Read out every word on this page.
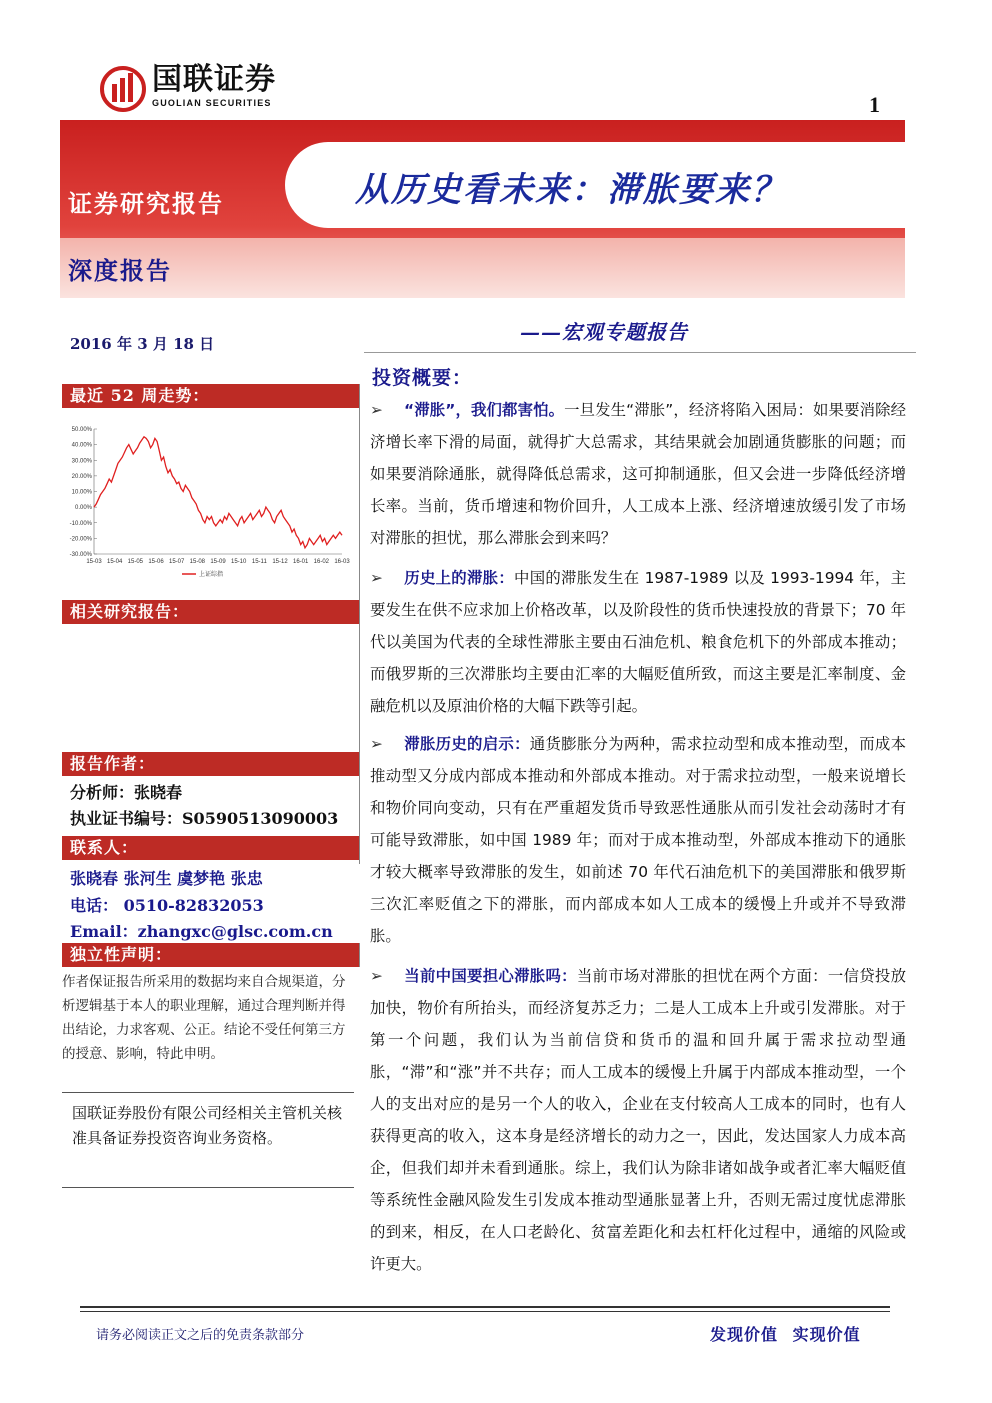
国联证券
GUOLIAN SECURITIES	1
从历史看未来：滞胀要来？
证券研究报告
深度报告
2016 年 3 月 18 日
最近 52 周走势：
50.00%
40.00%
30.00%
20.00%
10.00%
0.00%
-10.00%
-20.00%
-30.00%
15-03 15-04 15-05 15-06 15-07 15-08 15-09 15-10 15-11 15-12 16-01 16-02 16-03
上证综指
相关研究报告：
报告作者：
分析师：张晓春
执业证书编号：S0590513090003
联系人：
张晓春 张河生 虞梦艳 张忠
电话： 0510-82832053
Email：zhangxc@glsc.com.cn
独立性声明：
作者保证报告所采用的数据均来自合规渠道，分析逻辑基于本人的职业理解，通过合理判断并得出结论，力求客观、公正。结论不受任何第三方的授意、影响，特此申明。
国联证券股份有限公司经相关主管机关核准具备证券投资咨询业务资格。
——宏观专题报告
投资概要：
➢ “滞胀”，我们都害怕。一旦发生“滞胀”，经济将陷入困局：如果要消除经济增长率下滑的局面，就得扩大总需求，其结果就会加剧通货膨胀的问题；而如果要消除通胀，就得降低总需求，这可抑制通胀，但又会进一步降低经济增长率。当前，货币增速和物价回升，人工成本上涨、经济增速放缓引发了市场对滞胀的担忧，那么滞胀会到来吗？
➢ 历史上的滞胀：中国的滞胀发生在 1987-1989 以及 1993-1994 年，主要发生在供不应求加上价格改革，以及阶段性的货币快速投放的背景下；70 年代以美国为代表的全球性滞胀主要由石油危机、粮食危机下的外部成本推动；而俄罗斯的三次滞胀均主要由汇率的大幅贬值所致，而这主要是汇率制度、金融危机以及原油价格的大幅下跌等引起。
➢ 滞胀历史的启示：通货膨胀分为两种，需求拉动型和成本推动型，而成本推动型又分成内部成本推动和外部成本推动。对于需求拉动型，一般来说增长和物价同向变动，只有在严重超发货币导致恶性通胀从而引发社会动荡时才有可能导致滞胀，如中国 1989 年；而对于成本推动型，外部成本推动下的通胀才较大概率导致滞胀的发生，如前述 70 年代石油危机下的美国滞胀和俄罗斯三次汇率贬值之下的滞胀，而内部成本如人工成本的缓慢上升或并不导致滞胀。
➢ 当前中国要担心滞胀吗：当前市场对滞胀的担忧在两个方面：一信贷投放加快，物价有所抬头，而经济复苏乏力；二是人工成本上升或引发滞胀。对于第一个问题，我们认为当前信贷和货币的温和回升属于需求拉动型通胀，“滞”和“涨”并不共存；而人工成本的缓慢上升属于内部成本推动型，一个人的支出对应的是另一个人的收入，企业在支付较高人工成本的同时，也有人获得更高的收入，这本身是经济增长的动力之一，因此，发达国家人力成本高企，但我们却并未看到通胀。综上，我们认为除非诸如战争或者汇率大幅贬值等系统性金融风险发生引发成本推动型通胀显著上升，否则无需过度忧虑滞胀的到来，相反，在人口老龄化、贫富差距化和去杠杆化过程中，通缩的风险或许更大。
请务必阅读正文之后的免责条款部分	发现价值 实现价值
